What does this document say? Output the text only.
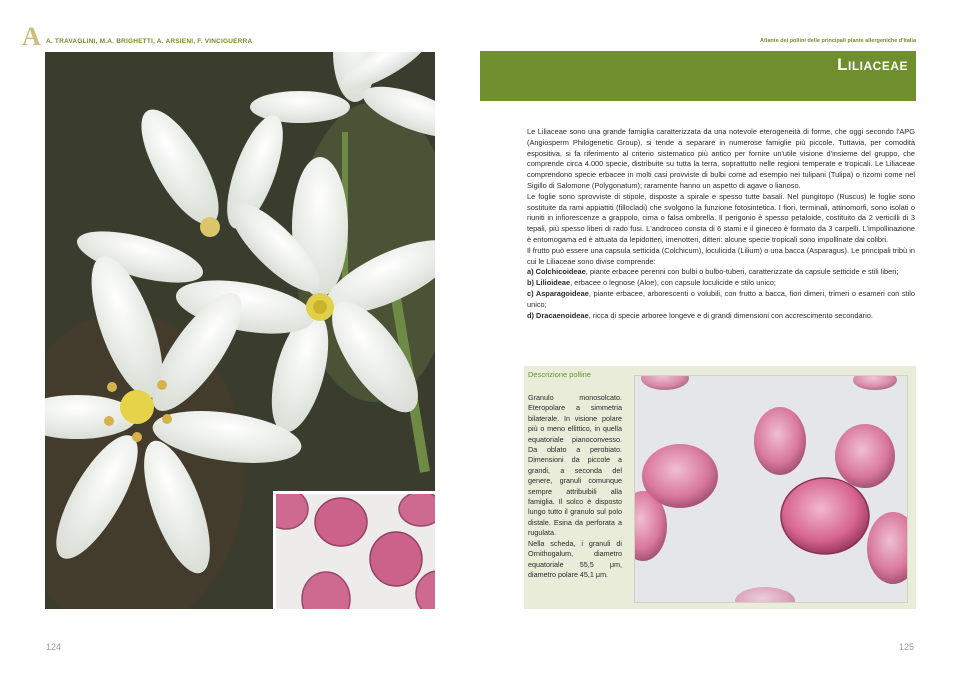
A A. TRAVAGLINI, M.A. BRIGHETTI, A. ARSIENI, F. VINCIGUERRA
124
Atlante dei pollini delle principali piante allergeniche d'Italia
Liliaceae

Le Liliaceae sono una grande famiglia caratterizzata da una notevole eterogeneità di forme, che oggi secondo l'APG (Angiosperm Philogenetic Group), si tende a separare in numerose famiglie più piccole. Tuttavia, per comodità espositiva, si fa riferimento al criterio sistematico più antico per fornire un'utile visione d'insieme del gruppo, che comprende circa 4.000 specie, distribuite su tutta la terra, soprattutto nelle regioni temperate e tropicali. Le Liliaceae comprendono specie erbacee in molti casi provviste di bulbi come ad esempio nei tulipani (Tulipa) o rizomi come nel Sigillo di Salomone (Polygonatum); raramente hanno un aspetto di agave o lianoso.

Le foglie sono sprovviste di stipole, disposte a spirale e spesso tutte basali. Nel pungitopo (Ruscus) le foglie sono sostituite da rami appiattiti (fillocladi) che svolgono la funzione fotosintetica. I fiori, terminali, attinomorfi, sono isolati o riuniti in infiorescenze a grappolo, cima o falsa ombrella. Il perigonio è spesso petaloide, costituito da 2 verticilli di 3 tepali, più spesso liberi di rado fusi. L'androceo consta di 6 stami e il gineceo è formato da 3 carpelli. L'impollinazione è entomogama ed è attuata da lepidotteri, imenotteri, ditteri: alcune specie tropicali sono impollinate dai colibri.

Il frutto può essere una capsula setticida (Colchicum), loculicida (Lilium) o una bacca (Asparagus). Le principali tribù in cui le Liliaceae sono divise comprende:

a) Colchicoideae, piante erbacee perenni con bulbi o bulbo-tuberi, caratterizzate da capsule setticide e stili liberi;

b) Lilioideae, erbacee o legnose (Aloe), con capsule loculicide e stilo unico;

c) Asparagoideae, piante erbacee, arborescenti o volubili, con frutto a bacca, fiori dimeri, trimeri o esameri con stilo unico;

d) Dracaenoideae, ricca di specie arboree longeve e di grandi dimensioni con accrescimento secondario.

Descrizione polline

Granulo monosolcato. Eteropolare a simmetria bilaterale. In visione polare più o meno ellittico, in quella equatoriale pianoconvesso. Da oblato a perobiato. Dimensioni da piccole a grandi, a seconda del genere, granuli comunque sempre attribuibili alla famiglia. Il solco è disposto lungo tutto il granulo sul polo distale. Esina da perforata a rugulata.

Nella scheda, i granuli di Ornithogalum, diametro equatoriale 55,5 μm, diametro polare 45,1 μm.

125
